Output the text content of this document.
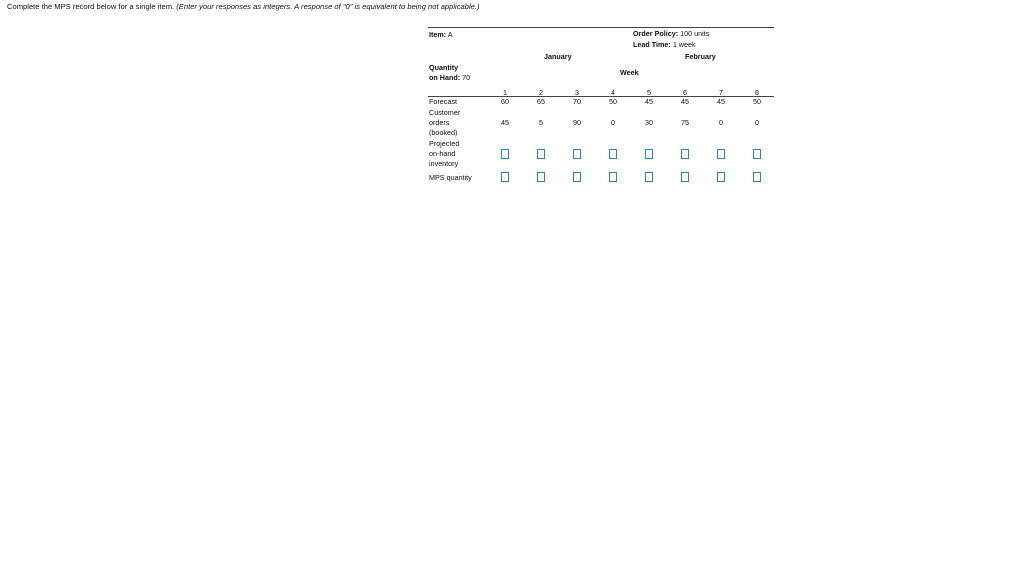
Complete the MPS record below for a single item. (Enter your responses as integers. A response of "0" is equivalent to being not applicable.)
Item: A	Order Policy: 100 units
Lead Time: 1 week
January	February
Quantity
on Hand: 70
Week
1	2	3	4	5	6	7	8
Forecast	60	65	70	50	45	45	45	50
Customer
orders
(booked)
45	5	90	0	30	75	0	0
Projected
on-hand
inventory
MPS quantity
